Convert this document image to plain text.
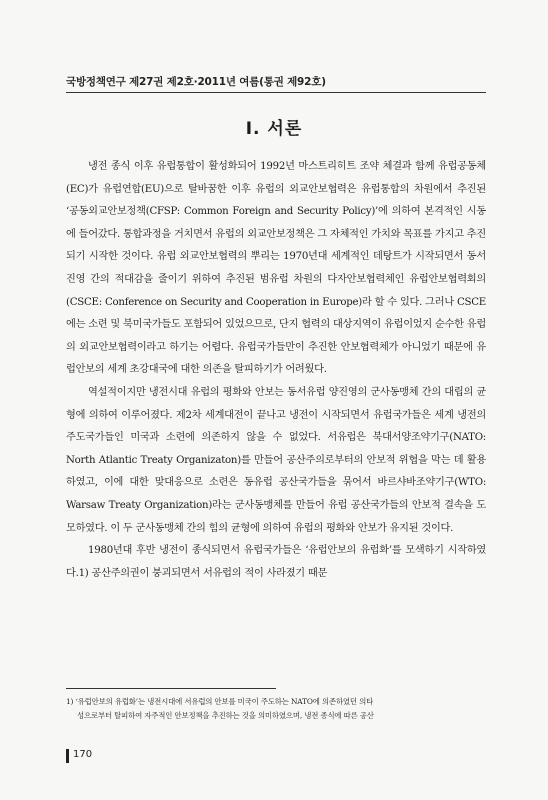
국방정책연구 제27권 제2호·2011년 여름(통권 제92호)
Ⅰ. 서론

냉전 종식 이후 유럽통합이 활성화되어 1992년 마스트리히트 조약 체결과 함께 유럽공동체(EC)가 유럽연합(EU)으로 탈바꿈한 이후 유럽의 외교안보협력은 유럽통합의 차원에서 추진된 ‘공동외교안보정책(CFSP: Common Foreign and Security Policy)’에 의하여 본격적인 시동에 들어갔다. 통합과정을 거치면서 유럽의 외교안보정책은 그 자체적인 가치와 목표를 가지고 추진되기 시작한 것이다. 유럽 외교안보협력의 뿌리는 1970년대 세계적인 데탕트가 시작되면서 동서 진영 간의 적대감을 줄이기 위하여 추진된 범유럽 차원의 다자안보협력체인 유럽안보협력회의(CSCE: Conference on Security and Cooperation in Europe)라 할 수 있다. 그러나 CSCE에는 소련 및 북미국가들도 포함되어 있었으므로, 단지 협력의 대상지역이 유럽이었지 순수한 유럽의 외교안보협력이라고 하기는 어렵다. 유럽국가들만이 추진한 안보협력체가 아니었기 때문에 유럽안보의 세계 초강대국에 대한 의존을 탈피하기가 어려웠다.

역설적이지만 냉전시대 유럽의 평화와 안보는 동서유럽 양진영의 군사동맹체 간의 대립의 균형에 의하여 이루어졌다. 제2차 세계대전이 끝나고 냉전이 시작되면서 유럽국가들은 세계 냉전의 주도국가들인 미국과 소련에 의존하지 않을 수 없었다. 서유럽은 북대서양조약기구(NATO: North Atlantic Treaty Organizaton)를 만들어 공산주의로부터의 안보적 위협을 막는 데 활용하였고, 이에 대한 맞대응으로 소련은 동유럽 공산국가들을 묶어서 바르샤바조약기구(WTO: Warsaw Treaty Organization)라는 군사동맹체를 만들어 유럽 공산국가들의 안보적 결속을 도모하였다. 이 두 군사동맹체 간의 힘의 균형에 의하여 유럽의 평화와 안보가 유지된 것이다.

1980년대 후반 냉전이 종식되면서 유럽국가들은 ‘유럽안보의 유럽화’를 모색하기 시작하였다.1) 공산주의권이 붕괴되면서 서유럽의 적이 사라졌기 때문

1) ‘유럽안보의 유럽화’는 냉전시대에 서유럽의 안보를 미국이 주도하는 NATO에 의존하였던 의타
성으로부터 탈피하여 자주적인 안보정책을 추진하는 것을 의미하였으며, 냉전 종식에 따른 공산
170
